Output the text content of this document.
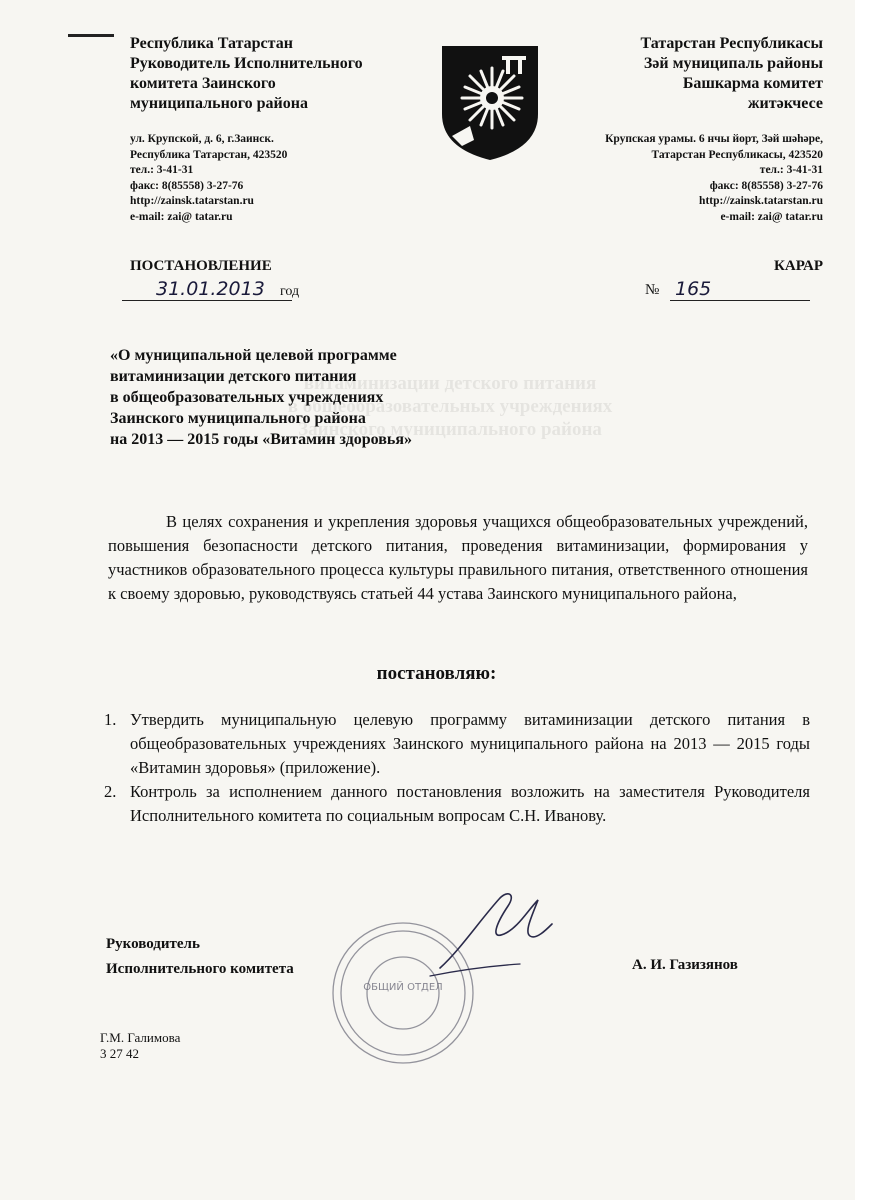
Республика Татарстан
Руководитель Исполнительного
комитета Заинского
муниципального района
ул. Крупской, д. 6, г.Заинск.
Республика Татарстан, 423520
тел.: 3-41-31
факс: 8(85558) 3-27-76
http://zainsk.tatarstan.ru
e-mail: zai@ tatar.ru
Татарстан Республикасы
Зәй муниципаль районы
Башкарма комитет
житәкчесе
Крупская урамы. 6 нчы йорт, Зәй шәһәре,
Татарстан Республикасы, 423520
тел.: 3-41-31
факс: 8(85558) 3-27-76
http://zainsk.tatarstan.ru
e-mail: zai@ tatar.ru
ПОСТАНОВЛЕНИЕ	КАРАР
31.01.2013 год	№ 165
витаминизации детского питания
в общеобразовательных учреждениях
Заинского муниципального района
«О муниципальной целевой программе
витаминизации детского питания
в общеобразовательных учреждениях
Заинского муниципального района
на 2013 — 2015 годы «Витамин здоровья»
В целях сохранения и укрепления здоровья учащихся общеобразовательных учреждений, повышения безопасности детского питания, проведения витаминизации, формирования у участников образовательного процесса культуры правильного питания, ответственного отношения к своему здоровью, руководствуясь статьей 44 устава Заинского муниципального района,
постановляю:
1. Утвердить муниципальную целевую программу витаминизации детского питания в общеобразовательных учреждениях Заинского муниципального района на 2013 — 2015 годы «Витамин здоровья» (приложение).
2. Контроль за исполнением данного постановления возложить на заместителя Руководителя Исполнительного комитета по социальным вопросам С.Н. Иванову.
ОБЩИЙ ОТДЕЛ
Руководитель
Исполнительного комитета	А. И. Газизянов
Г.М. Галимова
3 27 42
